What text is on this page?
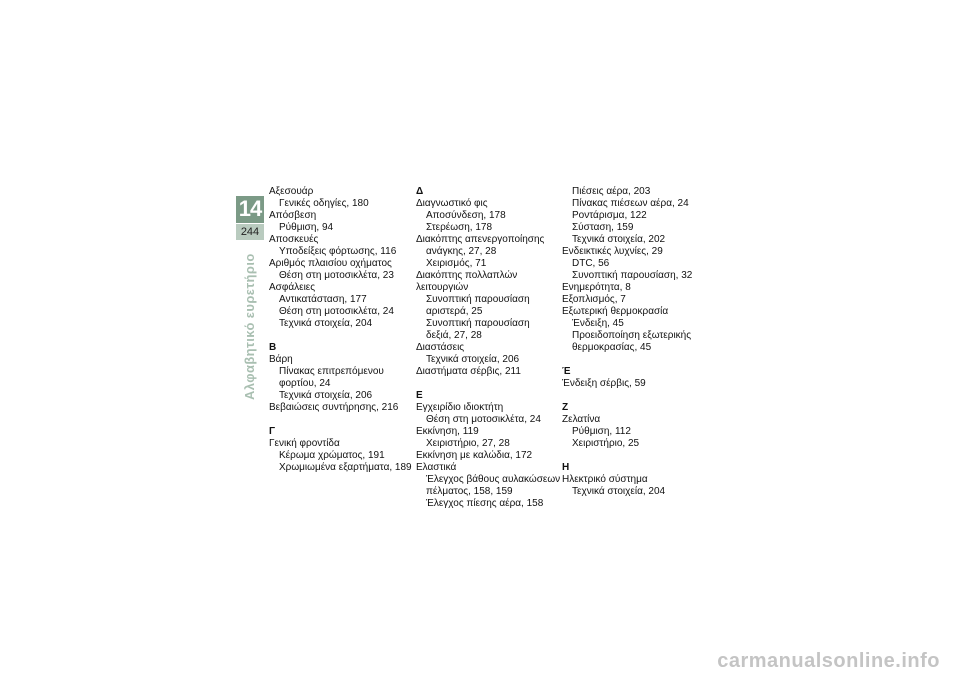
14
244
Αλφαβητικό ευρετήριο
Αξεσουάρ
Γενικές οδηγίες, 180
Απόσβεση
Ρύθμιση, 94
Αποσκευές
Υποδείξεις φόρτωσης, 116
Αριθμός πλαισίου οχήματος
Θέση στη μοτοσικλέτα, 23
Ασφάλειες
Αντικατάσταση, 177
Θέση στη μοτοσικλέτα, 24
Τεχνικά στοιχεία, 204
Β
Βάρη
Πίνακας επιτρεπόμενου
φορτίου, 24
Τεχνικά στοιχεία, 206
Βεβαιώσεις συντήρησης, 216
Γ
Γενική φροντίδα
Κέρωμα χρώματος, 191
Χρωμιωμένα εξαρτήματα, 189
Δ
Διαγνωστικό φις
Αποσύνδεση, 178
Στερέωση, 178
Διακόπτης απενεργοποίησης
ανάγκης, 27, 28
Χειρισμός, 71
Διακόπτης πολλαπλών λειτουργιών
Συνοπτική παρουσίαση
αριστερά, 25
Συνοπτική παρουσίαση
δεξιά, 27, 28
Διαστάσεις
Τεχνικά στοιχεία, 206
Διαστήματα σέρβις, 211
Ε
Εγχειρίδιο ιδιοκτήτη
Θέση στη μοτοσικλέτα, 24
Εκκίνηση, 119
Χειριστήριο, 27, 28
Εκκίνηση με καλώδια, 172
Ελαστικά
Έλεγχος βάθους αυλακώσεων
πέλματος, 158, 159
Έλεγχος πίεσης αέρα, 158
Πιέσεις αέρα, 203
Πίνακας πιέσεων αέρα, 24
Ροντάρισμα, 122
Σύσταση, 159
Τεχνικά στοιχεία, 202
Ενδεικτικές λυχνίες, 29
DTC, 56
Συνοπτική παρουσίαση, 32
Ενημερότητα, 8
Εξοπλισμός, 7
Εξωτερική θερμοκρασία
Ένδειξη, 45
Προειδοποίηση εξωτερικής
θερμοκρασίας, 45
Έ
Ένδειξη σέρβις, 59
Ζ
Ζελατίνα
Ρύθμιση, 112
Χειριστήριο, 25
Η
Ηλεκτρικό σύστημα
Τεχνικά στοιχεία, 204
carmanualsonline.info
